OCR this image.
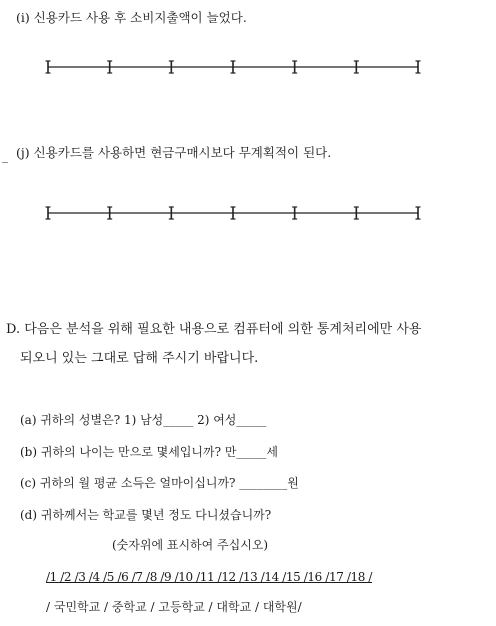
(i) 신용카드 사용 후 소비지출액이 늘었다.
_ (j) 신용카드를 사용하면 현금구매시보다 무계획적이 된다.
D. 다음은 분석을 위해 필요한 내용으로 컴퓨터에 의한 통계처리에만 사용
되오니 있는 그대로 답해 주시기 바랍니다.
(a) 귀하의 성별은? 1) 남성_____ 2) 여성_____
(b) 귀하의 나이는 만으로 몇세입니까? 만_____세
(c) 귀하의 월 평균 소득은 얼마이십니까? ________원
(d) 귀하께서는 학교를 몇년 정도 다니셨습니까?
(숫자위에 표시하여 주십시오)
/1 /2 /3 /4 /5 /6 /7 /8 /9 /10 /11 /12 /13 /14 /15 /16 /17 /18 /
/ 국민학교 / 중학교 / 고등학교 / 대학교 / 대학원/
